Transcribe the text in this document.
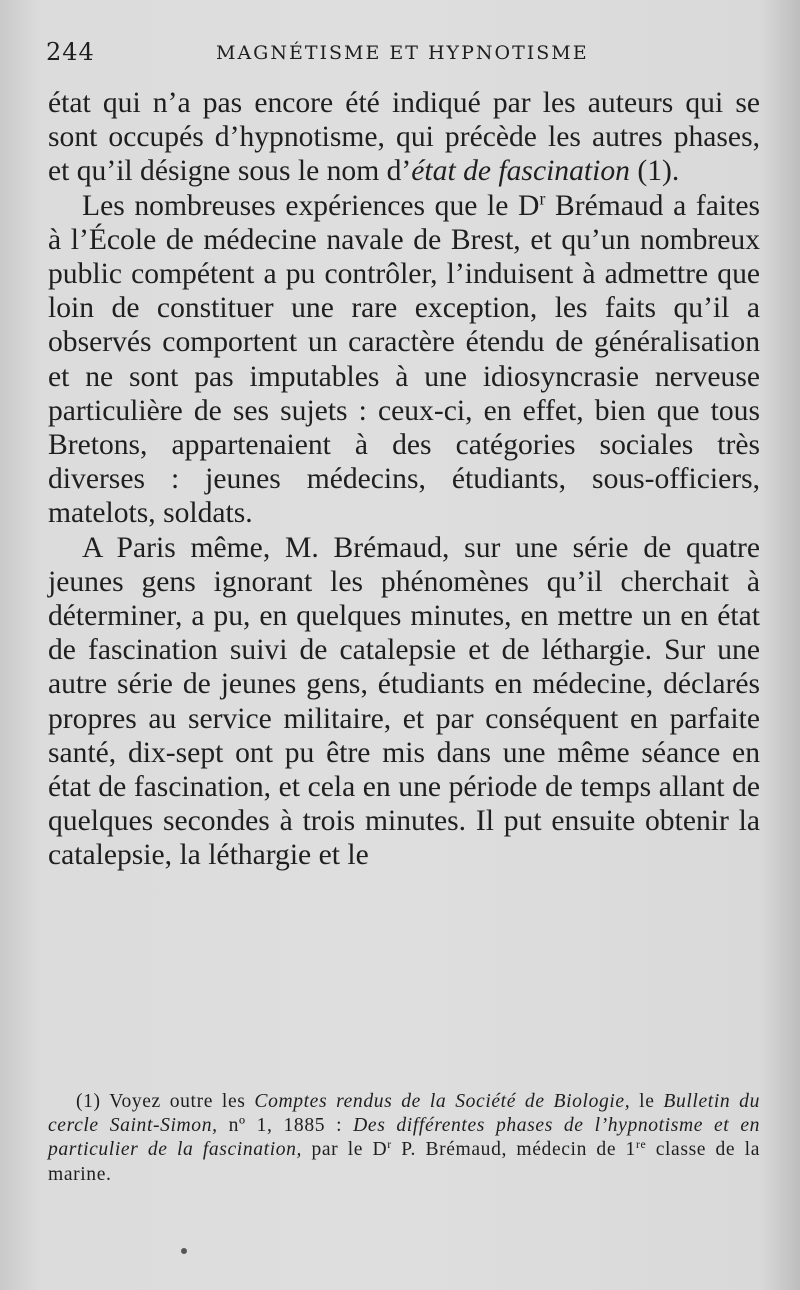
244	MAGNÉTISME ET HYPNOTISME

état qui n’a pas encore été indiqué par les auteurs qui se sont occupés d’hypnotisme, qui précède les autres phases, et qu’il désigne sous le nom d’état de fascination (1).

Les nombreuses expériences que le $D^r$ Brémaud a faites à l’École de médecine navale de Brest, et qu’un nombreux public compétent a pu contrôler, l’induisent à admettre que loin de constituer une rare exception, les faits qu’il a observés comportent un caractère étendu de généralisation et ne sont pas imputables à une idiosyncrasie nerveuse particulière de ses sujets : ceux-ci, en effet, bien que tous Bretons, appartenaient à des catégories sociales très diverses : jeunes médecins, étudiants, sous-officiers, matelots, soldats.

A Paris même, M. Brémaud, sur une série de quatre jeunes gens ignorant les phénomènes qu’il cherchait à déterminer, a pu, en quelques minutes, en mettre un en état de fascination suivi de catalepsie et de léthargie. Sur une autre série de jeunes gens, étudiants en médecine, déclarés propres au service militaire, et par conséquent en parfaite santé, dix-sept ont pu être mis dans une même séance en état de fascination, et cela en une période de temps allant de quelques secondes à trois minutes. Il put ensuite obtenir la catalepsie, la léthargie et le

(1) Voyez outre les Comptes rendus de la Société de Biologie, le Bulletin du cercle Saint-Simon, nº 1, 1885 : Des différentes phases de l’hypnotisme et en particulier de la fascination, par le $D^r$ P. Brémaud, médecin de 1re classe de la marine.
